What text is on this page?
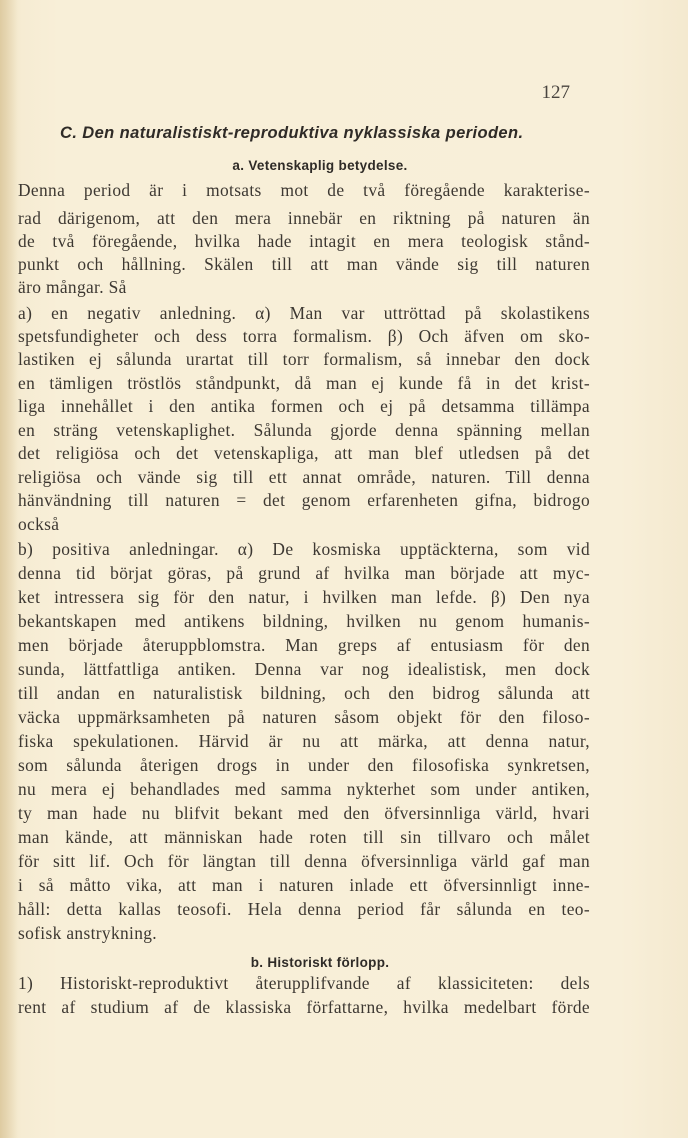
127
C. Den naturalistiskt-reproduktiva nyklassiska perioden.
a. Vetenskaplig betydelse.
Denna period är i motsats mot de två föregående karakterise-
rad därigenom, att den mera innebär en riktning på naturen än
de två föregående, hvilka hade intagit en mera teologisk stånd-
punkt och hållning. Skälen till att man vände sig till naturen
äro mångar. Så
a) en negativ anledning. α) Man var uttröttad på skolastikens
spetsfundigheter och dess torra formalism. β) Och äfven om sko-
lastiken ej sålunda urartat till torr formalism, så innebar den dock
en tämligen tröstlös ståndpunkt, då man ej kunde få in det krist-
liga innehållet i den antika formen och ej på detsamma tillämpa
en sträng vetenskaplighet. Sålunda gjorde denna spänning mellan
det religiösa och det vetenskapliga, att man blef utledsen på det
religiösa och vände sig till ett annat område, naturen. Till denna
hänvändning till naturen = det genom erfarenheten gifna, bidrogo
också
b) positiva anledningar. α) De kosmiska upptäckterna, som vid
denna tid börjat göras, på grund af hvilka man började att myc-
ket intressera sig för den natur, i hvilken man lefde. β) Den nya
bekantskapen med antikens bildning, hvilken nu genom humanis-
men började återuppblomstra. Man greps af entusiasm för den
sunda, lättfattliga antiken. Denna var nog idealistisk, men dock
till andan en naturalistisk bildning, och den bidrog sålunda att
väcka uppmärksamheten på naturen såsom objekt för den filoso-
fiska spekulationen. Härvid är nu att märka, att denna natur,
som sålunda återigen drogs in under den filosofiska synkretsen,
nu mera ej behandlades med samma nykterhet som under antiken,
ty man hade nu blifvit bekant med den öfversinnliga värld, hvari
man kände, att människan hade roten till sin tillvaro och målet
för sitt lif. Och för längtan till denna öfversinnliga värld gaf man
i så måtto vika, att man i naturen inlade ett öfversinnligt inne-
håll: detta kallas teosofi. Hela denna period får sålunda en teo-
sofisk anstrykning.
b. Historiskt förlopp.
1) Historiskt-reproduktivt återupplifvande af klassiciteten: dels
rent af studium af de klassiska författarne, hvilka medelbart förde
